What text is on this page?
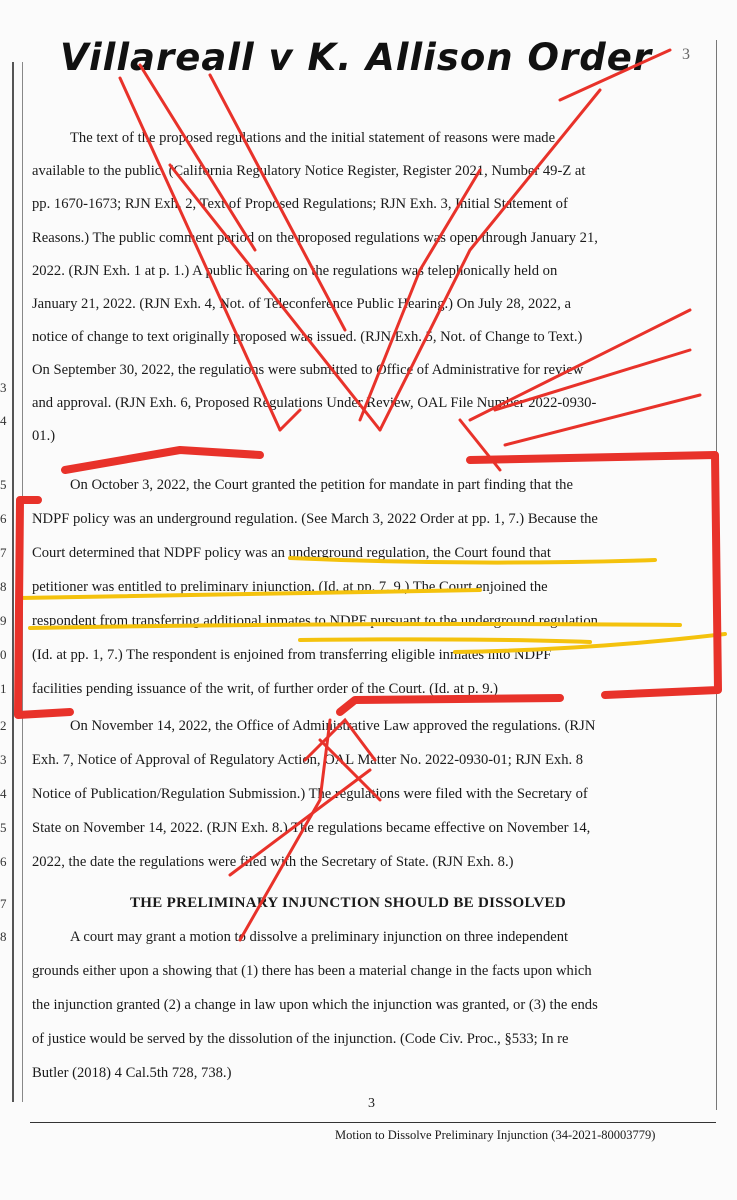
Villareall v K. Allison Order 3
3
4
5
6
7
8
9
0
1
2
3
4
5
6
7
8
The text of the proposed regulations and the initial statement of reasons were made
available to the public. (California Regulatory Notice Register, Register 2021, Number 49-Z at
pp. 1670-1673; RJN Exh. 2, Text of Proposed Regulations; RJN Exh. 3, Initial Statement of
Reasons.) The public comment period on the proposed regulations was open through January 21,
2022. (RJN Exh. 1 at p. 1.) A public hearing on the regulations was telephonically held on
January 21, 2022. (RJN Exh. 4, Not. of Teleconference Public Hearing.) On July 28, 2022, a
notice of change to text originally proposed was issued. (RJN Exh. 5, Not. of Change to Text.)
On September 30, 2022, the regulations were submitted to Office of Administrative for review
and approval. (RJN Exh. 6, Proposed Regulations Under Review, OAL File Number 2022-0930-
01.)
On October 3, 2022, the Court granted the petition for mandate in part finding that the
NDPF policy was an underground regulation. (See March 3, 2022 Order at pp. 1, 7.) Because the
Court determined that NDPF policy was an underground regulation, the Court found that
petitioner was entitled to preliminary injunction. (Id. at pp. 7, 9.) The Court enjoined the
respondent from transferring additional inmates to NDPF pursuant to the underground regulation
(Id. at pp. 1, 7.) The respondent is enjoined from transferring eligible inmates into NDPF
facilities pending issuance of the writ, of further order of the Court. (Id. at p. 9.)
On November 14, 2022, the Office of Administrative Law approved the regulations. (RJN
Exh. 7, Notice of Approval of Regulatory Action, OAL Matter No. 2022-0930-01; RJN Exh. 8
Notice of Publication/Regulation Submission.) The regulations were filed with the Secretary of
State on November 14, 2022. (RJN Exh. 8.) The regulations became effective on November 14,
2022, the date the regulations were filed with the Secretary of State. (RJN Exh. 8.)
A court may grant a motion to dissolve a preliminary injunction on three independent
grounds either upon a showing that (1) there has been a material change in the facts upon which
the injunction granted (2) a change in law upon which the injunction was granted, or (3) the ends
of justice would be served by the dissolution of the injunction. (Code Civ. Proc., §533; In re
Butler (2018) 4 Cal.5th 728, 738.)
THE PRELIMINARY INJUNCTION SHOULD BE DISSOLVED
3
Motion to Dissolve Preliminary Injunction (34-2021-80003779)
